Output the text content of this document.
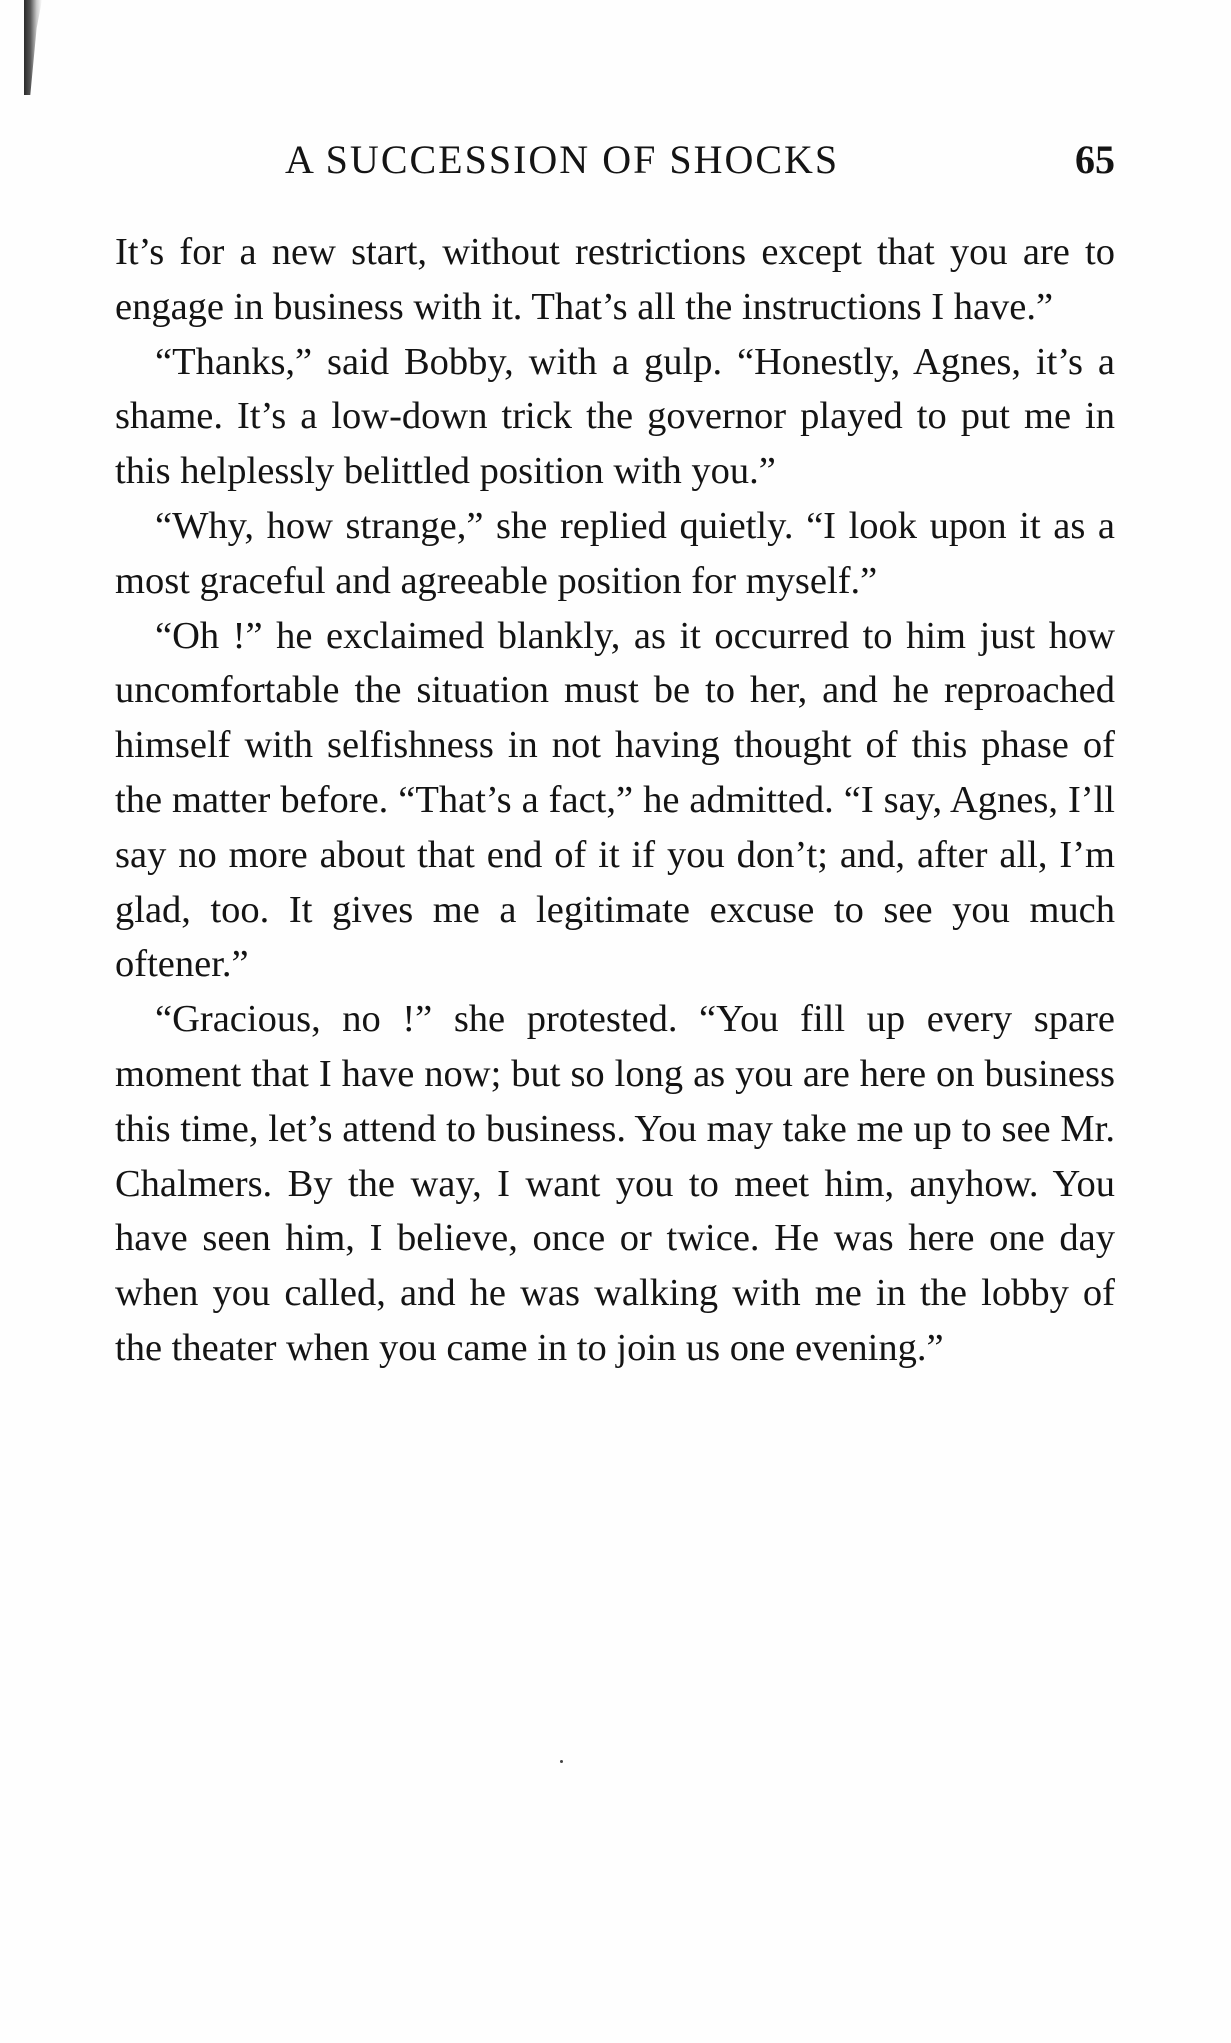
A SUCCESSION OF SHOCKS	65

It’s for a new start, without restrictions except that you are to engage in business with it. That’s all the instructions I have.”

“Thanks,” said Bobby, with a gulp. “Honestly, Agnes, it’s a shame. It’s a low-down trick the governor played to put me in this helplessly belittled position with you.”

“Why, how strange,” she replied quietly. “I look upon it as a most graceful and agreeable position for myself.”

“Oh !” he exclaimed blankly, as it occurred to him just how uncomfortable the situation must be to her, and he reproached himself with selfishness in not having thought of this phase of the matter before. “That’s a fact,” he admitted. “I say, Agnes, I’ll say no more about that end of it if you don’t; and, after all, I’m glad, too. It gives me a legitimate excuse to see you much oftener.”

“Gracious, no !” she protested. “You fill up every spare moment that I have now; but so long as you are here on business this time, let’s attend to business. You may take me up to see Mr. Chalmers. By the way, I want you to meet him, anyhow. You have seen him, I believe, once or twice. He was here one day when you called, and he was walking with me in the lobby of the theater when you came in to join us one evening.”
